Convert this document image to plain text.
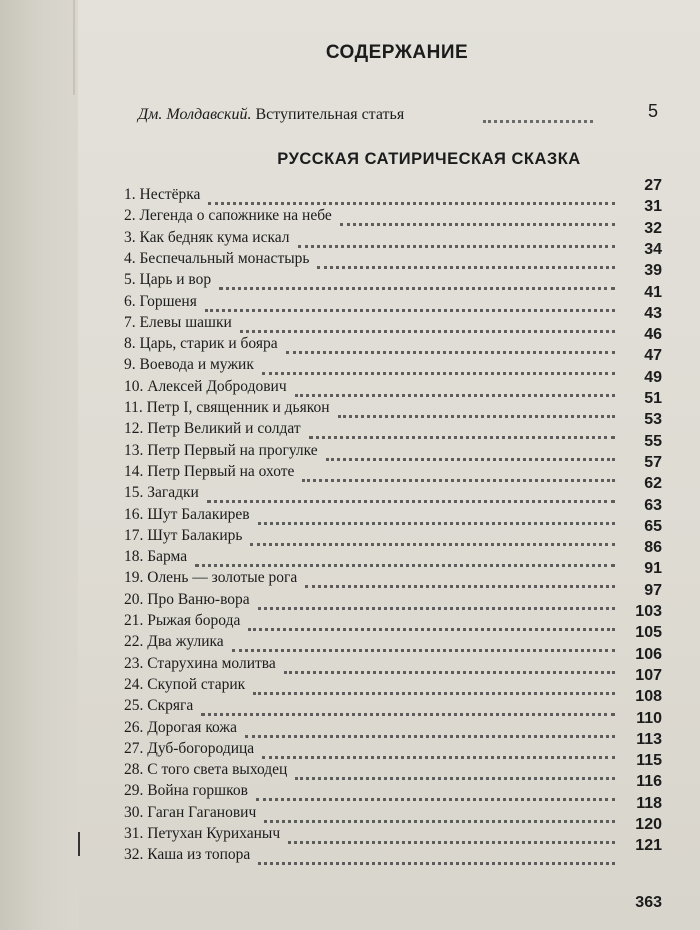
СОДЕРЖАНИЕ
РУССКАЯ САТИРИЧЕСКАЯ СКАЗКА
Дм. Молдавский. Вступительная статья	5
1. Нестёрка
27
2. Легенда о сапожнике на небе
31
3. Как бедняк кума искал
32
4. Беспечальный монастырь
34
5. Царь и вор
39
6. Горшеня
41
7. Елевы шашки
43
8. Царь, старик и бояра
46
9. Воевода и мужик
47
10. Алексей Добродович
49
11. Петр I, священник и дьякон
51
12. Петр Великий и солдат
53
13. Петр Первый на прогулке
55
14. Петр Первый на охоте
57
15. Загадки
62
16. Шут Балакирев
63
17. Шут Балакирь
65
18. Барма
86
19. Олень — золотые рога
91
20. Про Ваню-вора
97
21. Рыжая борода
103
22. Два жулика
105
23. Старухина молитва
106
24. Скупой старик
107
25. Скряга
108
26. Дорогая кожа
110
27. Дуб-богородица
113
28. С того света выходец
115
29. Война горшков
116
30. Гаган Гаганович
118
31. Петухан Куриханыч
120
32. Каша из топора
121
363
